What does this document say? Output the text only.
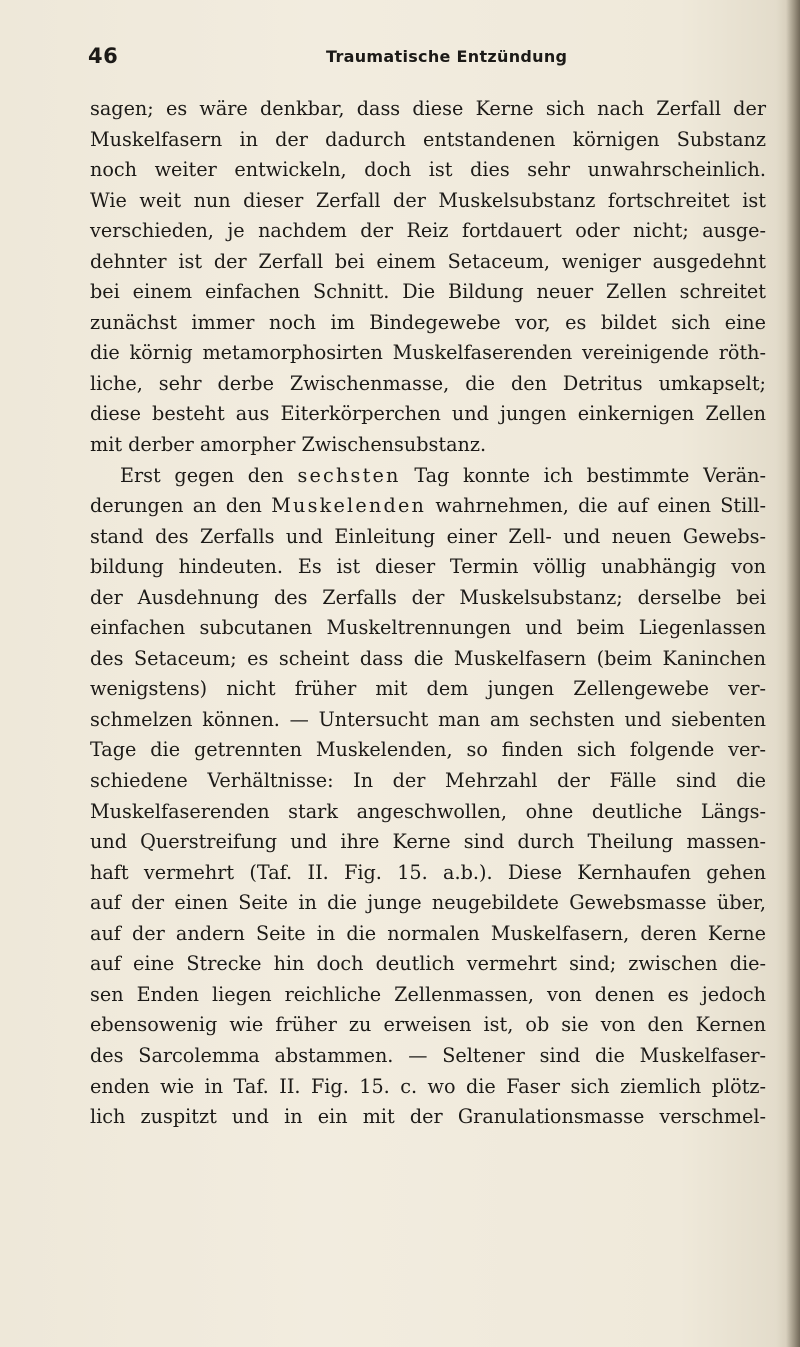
46	Traumatische Entzündung
sagen; es wäre denkbar, dass diese Kerne sich nach Zerfall der
Muskelfasern in der dadurch entstandenen körnigen Substanz
noch weiter entwickeln, doch ist dies sehr unwahrscheinlich.
Wie weit nun dieser Zerfall der Muskelsubstanz fortschreitet ist
verschieden, je nachdem der Reiz fortdauert oder nicht; ausge-
dehnter ist der Zerfall bei einem Setaceum, weniger ausgedehnt
bei einem einfachen Schnitt. Die Bildung neuer Zellen schreitet
zunächst immer noch im Bindegewebe vor, es bildet sich eine
die körnig metamorphosirten Muskelfaserenden vereinigende röth-
liche, sehr derbe Zwischenmasse, die den Detritus umkapselt;
diese besteht aus Eiterkörperchen und jungen einkernigen Zellen
mit derber amorpher Zwischensubstanz.
Erst gegen den sechsten Tag konnte ich bestimmte Verän-
derungen an den Muskelenden wahrnehmen, die auf einen Still-
stand des Zerfalls und Einleitung einer Zell- und neuen Gewebs-
bildung hindeuten. Es ist dieser Termin völlig unabhängig von
der Ausdehnung des Zerfalls der Muskelsubstanz; derselbe bei
einfachen subcutanen Muskeltrennungen und beim Liegenlassen
des Setaceum; es scheint dass die Muskelfasern (beim Kaninchen
wenigstens) nicht früher mit dem jungen Zellengewebe ver-
schmelzen können. — Untersucht man am sechsten und siebenten
Tage die getrennten Muskelenden, so finden sich folgende ver-
schiedene Verhältnisse: In der Mehrzahl der Fälle sind die
Muskelfaserenden stark angeschwollen, ohne deutliche Längs-
und Querstreifung und ihre Kerne sind durch Theilung massen-
haft vermehrt (Taf. II. Fig. 15. a.b.). Diese Kernhaufen gehen
auf der einen Seite in die junge neugebildete Gewebsmasse über,
auf der andern Seite in die normalen Muskelfasern, deren Kerne
auf eine Strecke hin doch deutlich vermehrt sind; zwischen die-
sen Enden liegen reichliche Zellenmassen, von denen es jedoch
ebensowenig wie früher zu erweisen ist, ob sie von den Kernen
des Sarcolemma abstammen. — Seltener sind die Muskelfaser-
enden wie in Taf. II. Fig. 15. c. wo die Faser sich ziemlich plötz-
lich zuspitzt und in ein mit der Granulationsmasse verschmel-
